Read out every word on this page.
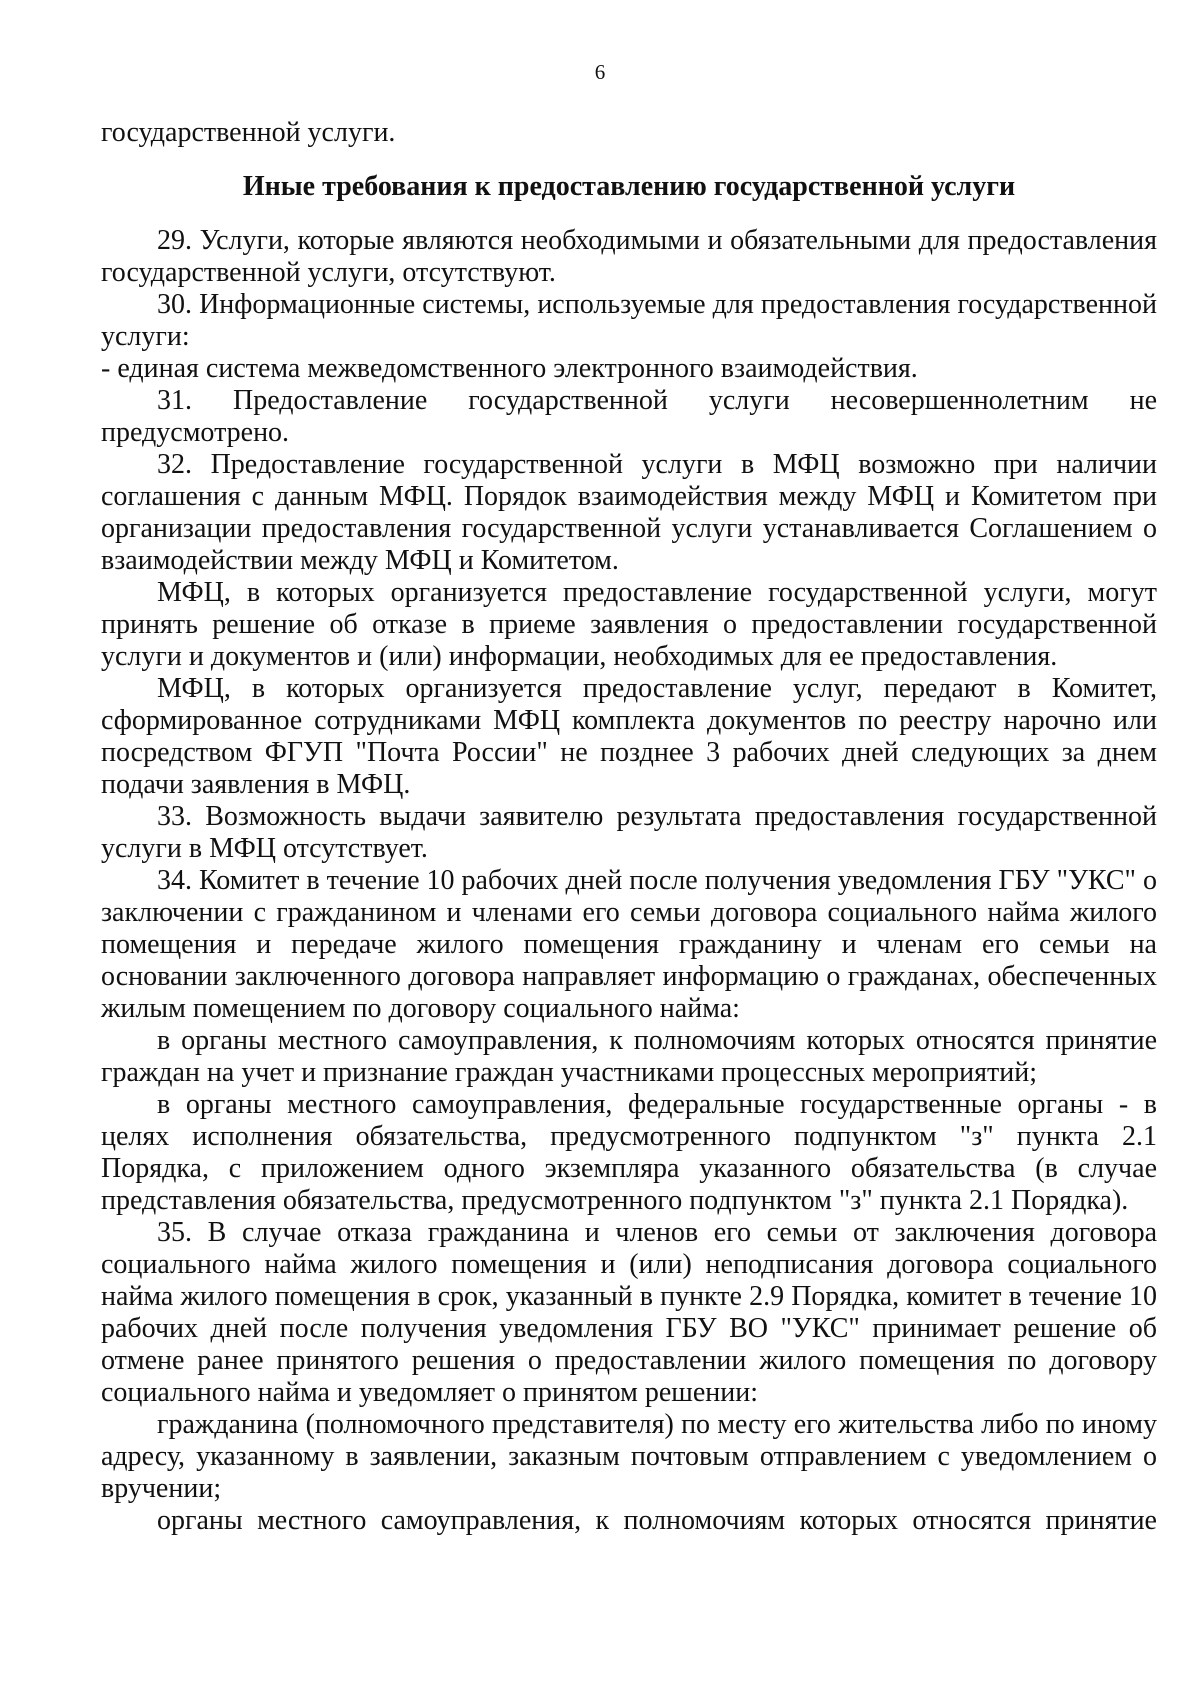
6

государственной услуги.

Иные требования к предоставлению государственной услуги

29. Услуги, которые являются необходимыми и обязательными для предоставления государственной услуги, отсутствуют.

30. Информационные системы, используемые для предоставления государственной услуги:

- единая система межведомственного электронного взаимодействия.

31. Предоставление государственной услуги несовершеннолетним не предусмотрено.

32. Предоставление государственной услуги в МФЦ возможно при наличии соглашения с данным МФЦ. Порядок взаимодействия между МФЦ и Комитетом при организации предоставления государственной услуги устанавливается Соглашением о взаимодействии между МФЦ и Комитетом.

МФЦ, в которых организуется предоставление государственной услуги, могут принять решение об отказе в приеме заявления о предоставлении государственной услуги и документов и (или) информации, необходимых для ее предоставления.

МФЦ, в которых организуется предоставление услуг, передают в Комитет, сформированное сотрудниками МФЦ комплекта документов по реестру нарочно или посредством ФГУП "Почта России" не позднее 3 рабочих дней следующих за днем подачи заявления в МФЦ.

33. Возможность выдачи заявителю результата предоставления государственной услуги в МФЦ отсутствует.

34. Комитет в течение 10 рабочих дней после получения уведомления ГБУ "УКС" о заключении с гражданином и членами его семьи договора социального найма жилого помещения и передаче жилого помещения гражданину и членам его семьи на основании заключенного договора направляет информацию о гражданах, обеспеченных жилым помещением по договору социального найма:

в органы местного самоуправления, к полномочиям которых относятся принятие граждан на учет и признание граждан участниками процессных мероприятий;

в органы местного самоуправления, федеральные государственные органы - в целях исполнения обязательства, предусмотренного подпунктом "з" пункта 2.1 Порядка, с приложением одного экземпляра указанного обязательства (в случае представления обязательства, предусмотренного подпунктом "з" пункта 2.1 Порядка).

35. В случае отказа гражданина и членов его семьи от заключения договора социального найма жилого помещения и (или) неподписания договора социального найма жилого помещения в срок, указанный в пункте 2.9 Порядка, комитет в течение 10 рабочих дней после получения уведомления ГБУ ВО "УКС" принимает решение об отмене ранее принятого решения о предоставлении жилого помещения по договору социального найма и уведомляет о принятом решении:

гражданина (полномочного представителя) по месту его жительства либо по иному адресу, указанному в заявлении, заказным почтовым отправлением с уведомлением о вручении;

органы местного самоуправления, к полномочиям которых относятся принятие
